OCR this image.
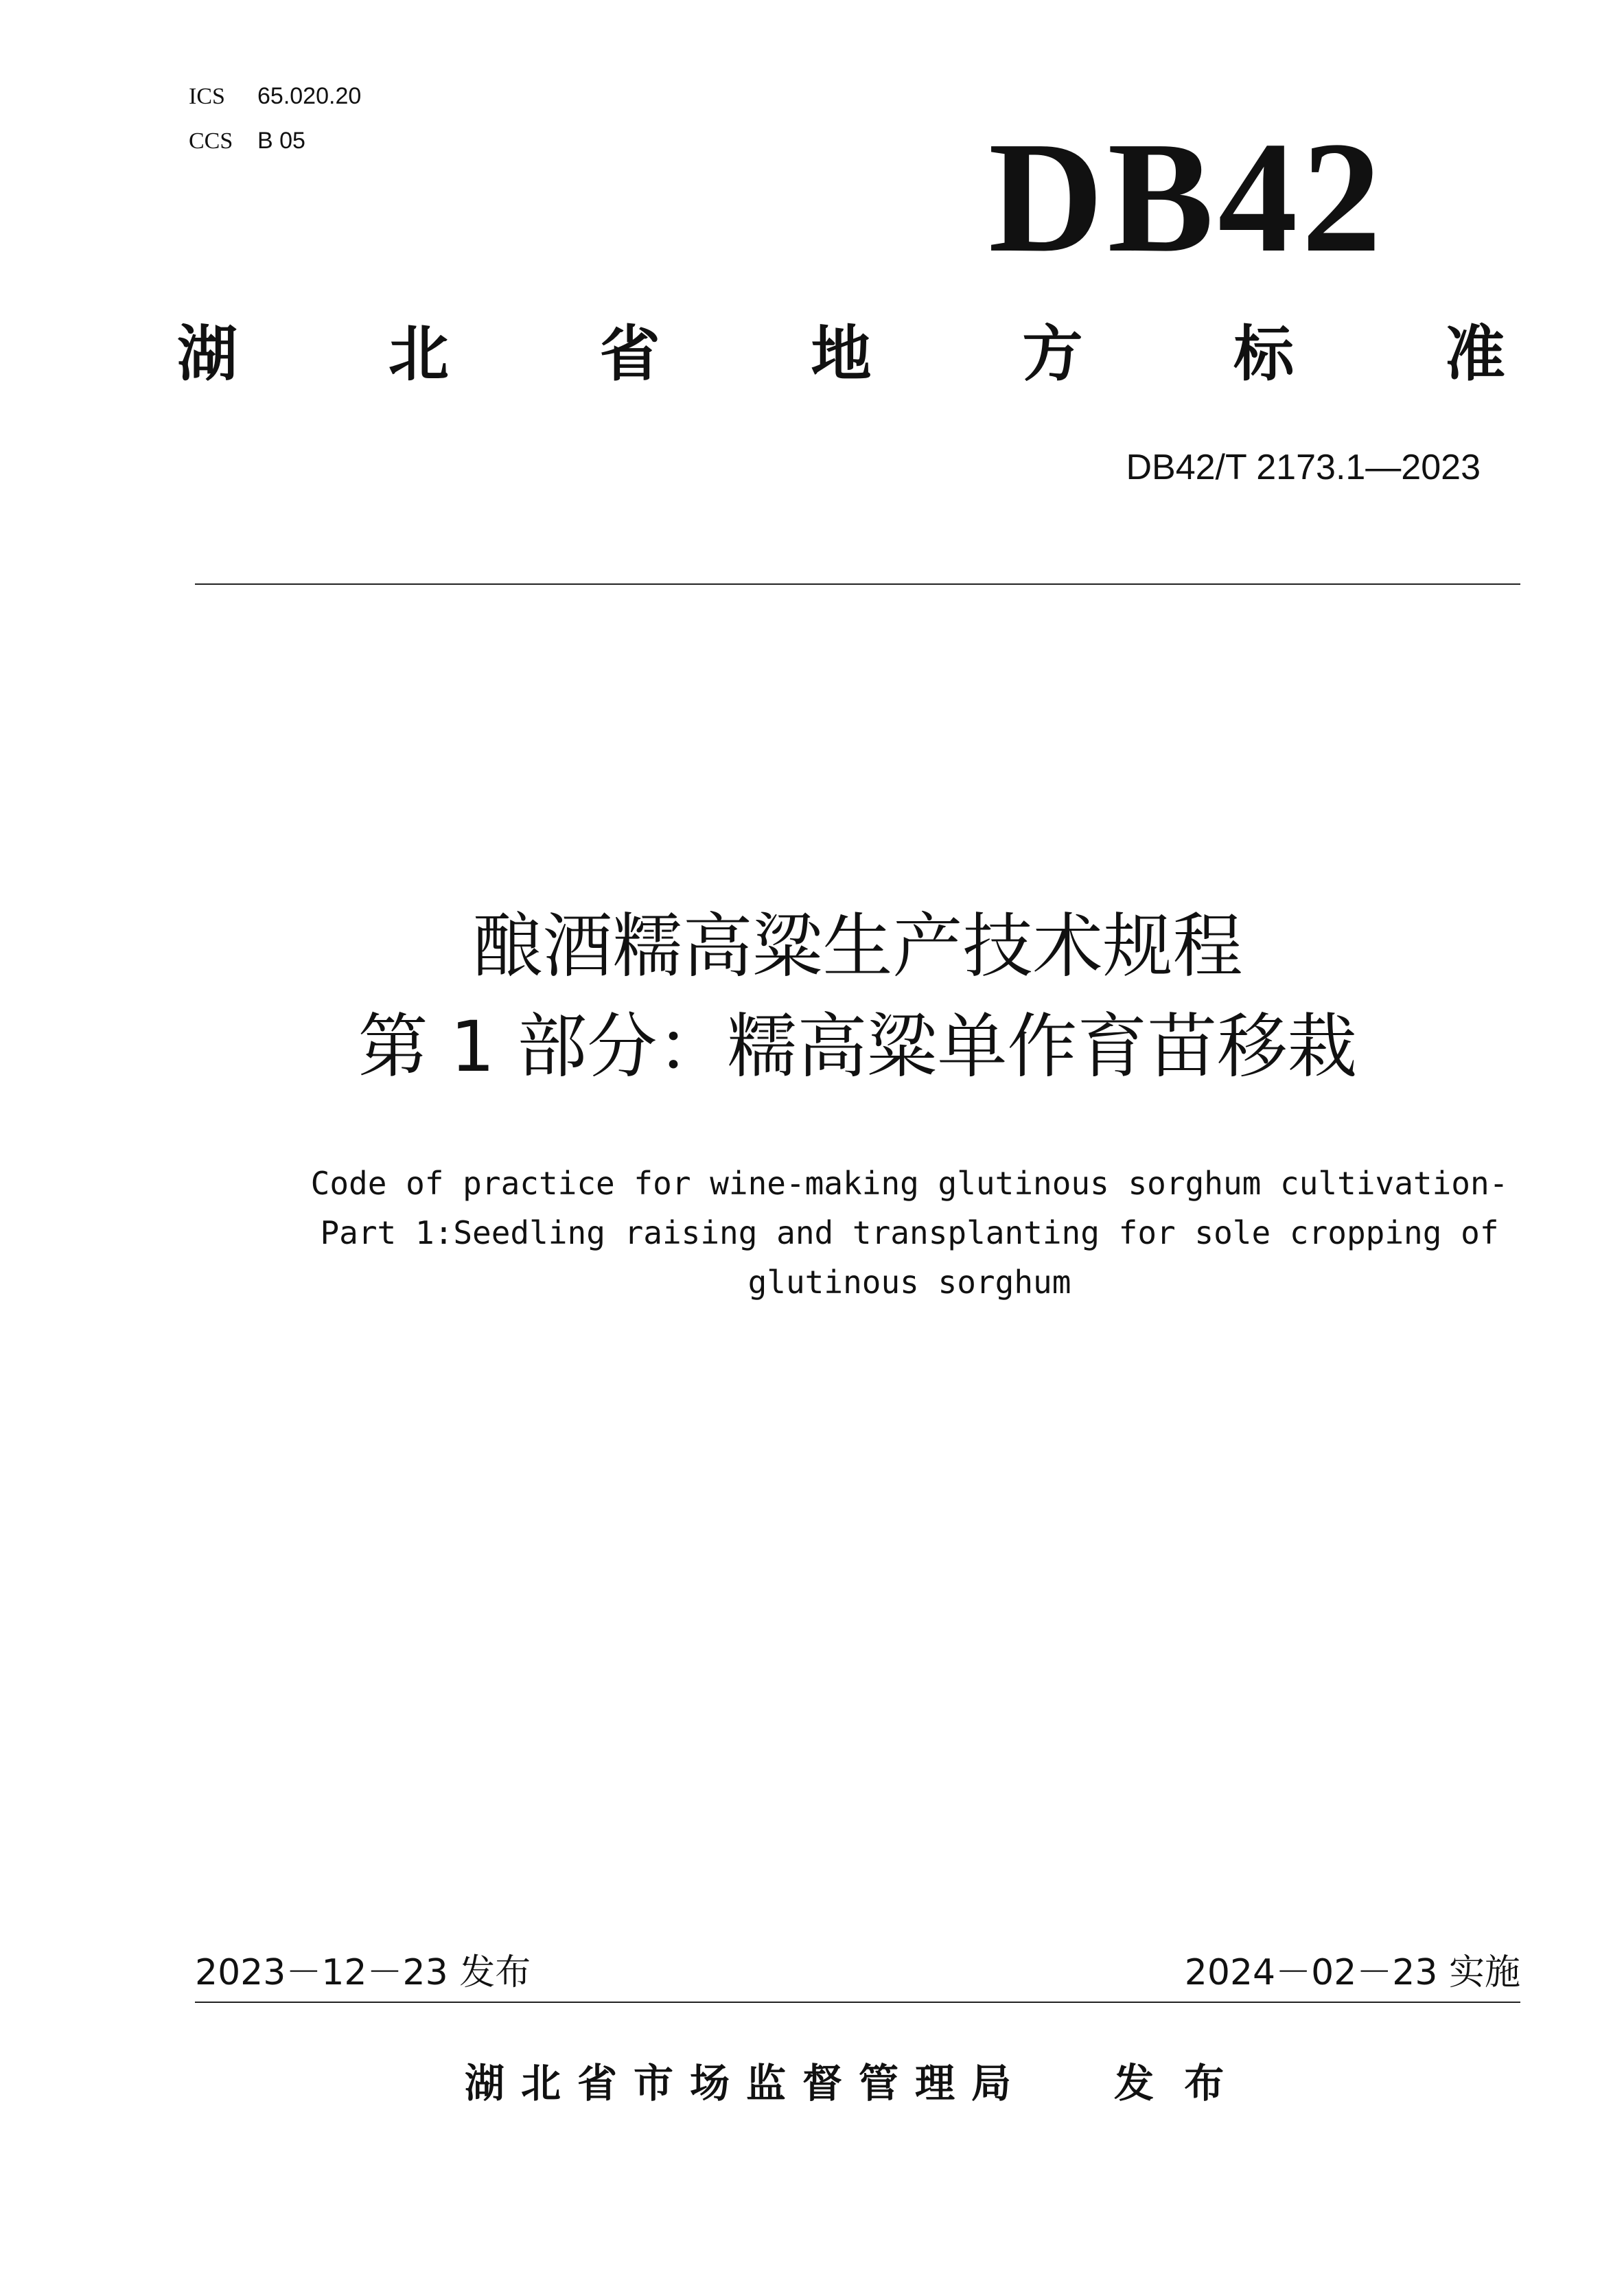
ICS 65.020.20
CCS B 05	DB42
湖 北 省 地 方 标 准
DB42/T 2173.1—2023
酿酒糯高粱生产技术规程
第 1 部分：糯高粱单作育苗移栽
Code of practice for wine-making glutinous sorghum cultivation-
Part 1:Seedling raising and transplanting for sole cropping of
glutinous sorghum
2023－12－23 发布	2024－02－23 实施
湖北省市场监督管理局 发 布
